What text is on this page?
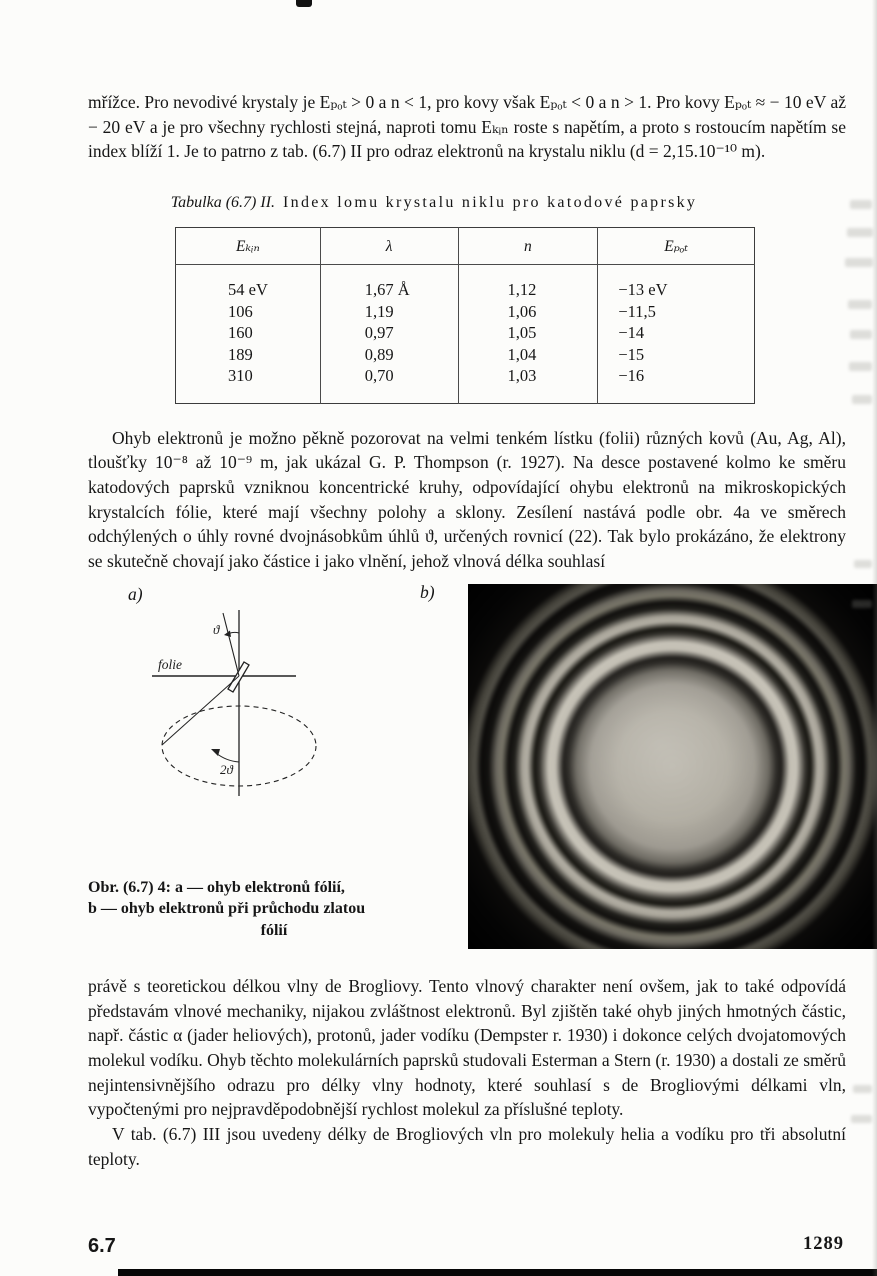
mřížce. Pro nevodivé krystaly je Eₚₒₜ > 0 a n < 1, pro kovy však Eₚₒₜ < 0 a n > 1. Pro kovy Eₚₒₜ ≈ − 10 eV až − 20 eV a je pro všechny rychlosti stejná, naproti tomu Eₖᵢₙ roste s napětím, a proto s rostoucím napětím se index blíží 1. Je to patrno z tab. (6.7) II pro odraz elektronů na krystalu niklu (d = 2,15.10⁻¹⁰ m).

Tabulka (6.7) II. Index lomu krystalu niklu pro katodové paprsky
Eₖᵢₙ	λ	n	Eₚₒₜ
54 eV	1,67 Å	1,12	−13 eV
106	1,19	1,06	−11,5
160	0,97	1,05	−14
189	0,89	1,04	−15
310	0,70	1,03	−16

Ohyb elektronů je možno pěkně pozorovat na velmi tenkém lístku (folii) různých kovů (Au, Ag, Al), tloušťky 10⁻⁸ až 10⁻⁹ m, jak ukázal G. P. Thompson (r. 1927). Na desce postavené kolmo ke směru katodových paprsků vzniknou koncentrické kruhy, odpovídající ohybu elektronů na mikroskopických krystalcích fólie, které mají všechny polohy a sklony. Zesílení nastává podle obr. 4a ve směrech odchýlených o úhly rovné dvojnásobkům úhlů ϑ, určených rovnicí (22). Tak bylo prokázáno, že elektrony se skutečně chovají jako částice i jako vlnění, jehož vlnová délka souhlasí

a)	b)
folie
ϑ
2ϑ
Obr. (6.7) 4: a — ohyb elektronů fólií,
b — ohyb elektronů při průchodu zlatou
fólií

právě s teoretickou délkou vlny de Brogliovy. Tento vlnový charakter není ovšem, jak to také odpovídá představám vlnové mechaniky, nijakou zvláštnost elektronů. Byl zjištěn také ohyb jiných hmotných částic, např. částic α (jader heliových), protonů, jader vodíku (Dempster r. 1930) i dokonce celých dvojatomových molekul vodíku. Ohyb těchto molekulárních paprsků studovali Esterman a Stern (r. 1930) a dostali ze směrů nejintensivnějšího odrazu pro délky vlny hodnoty, které souhlasí s de Brogliovými délkami vln, vypočtenými pro nejpravděpodobnější rychlost molekul za příslušné teploty.

V tab. (6.7) III jsou uvedeny délky de Brogliových vln pro molekuly helia a vodíku pro tři absolutní teploty.

6.7	1289
